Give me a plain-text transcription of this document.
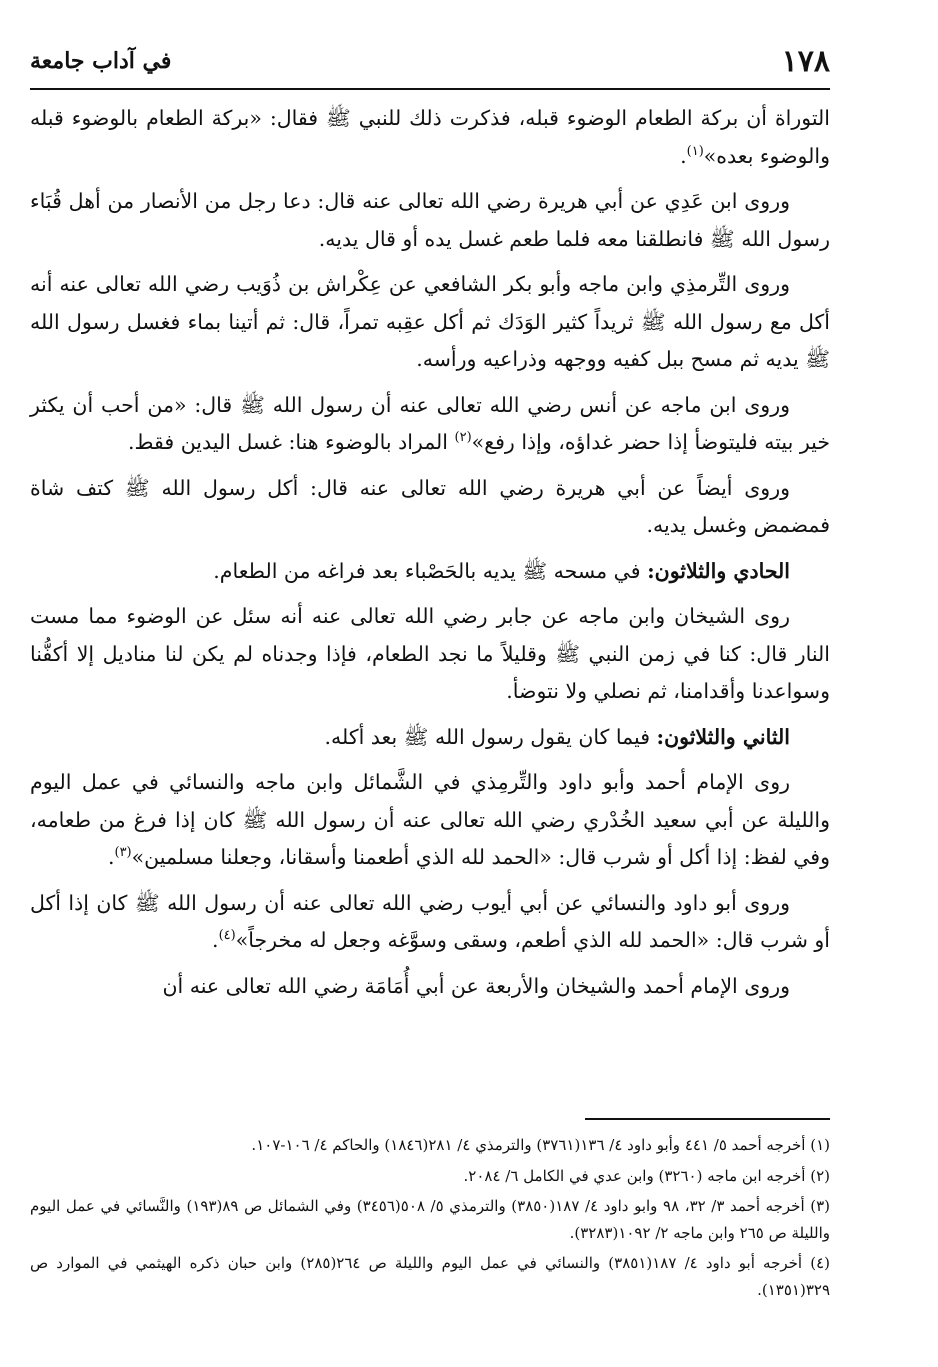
١٧٨
في آداب جامعة

التوراة أن بركة الطعام الوضوء قبله، فذكرت ذلك للنبي ﷺ فقال: «بركة الطعام بالوضوء قبله والوضوء بعده»$^{(١)}$.

وروى ابن عَدِي عن أبي هريرة رضي الله تعالى عنه قال: دعا رجل من الأنصار من أهل قُبَاء رسول الله ﷺ فانطلقنا معه فلما طعم غسل يده أو قال يديه.

وروى التِّرمذِي وابن ماجه وأبو بكر الشافعي عن عِكْراش بن ذُوَيب رضي الله تعالى عنه أنه أكل مع رسول الله ﷺ ثريداً كثير الوَدَك ثم أكل عقِبه تمراً، قال: ثم أتينا بماء فغسل رسول الله ﷺ يديه ثم مسح ببل كفيه ووجهه وذراعيه ورأسه.

وروى ابن ماجه عن أنس رضي الله تعالى عنه أن رسول الله ﷺ قال: «من أحب أن يكثر خير بيته فليتوضأ إذا حضر غداؤه، وإذا رفع»$^{(٢)}$ المراد بالوضوء هنا: غسل اليدين فقط.

وروى أيضاً عن أبي هريرة رضي الله تعالى عنه قال: أكل رسول الله ﷺ كتف شاة فمضمض وغسل يديه.

الحادي والثلاثون: في مسحه ﷺ يديه بالحَصْباء بعد فراغه من الطعام.

روى الشيخان وابن ماجه عن جابر رضي الله تعالى عنه أنه سئل عن الوضوء مما مست النار قال: كنا في زمن النبي ﷺ وقليلاً ما نجد الطعام، فإذا وجدناه لم يكن لنا مناديل إلا أكفُّنا وسواعدنا وأقدامنا، ثم نصلي ولا نتوضأ.

الثاني والثلاثون: فيما كان يقول رسول الله ﷺ بعد أكله.

روى الإمام أحمد وأبو داود والتِّرمِذي في الشَّمائل وابن ماجه والنسائي في عمل اليوم والليلة عن أبي سعيد الخُدْري رضي الله تعالى عنه أن رسول الله ﷺ كان إذا فرغ من طعامه، وفي لفظ: إذا أكل أو شرب قال: «الحمد لله الذي أطعمنا وأسقانا، وجعلنا مسلمين»$^{(٣)}$.

وروى أبو داود والنسائي عن أبي أيوب رضي الله تعالى عنه أن رسول الله ﷺ كان إذا أكل أو شرب قال: «الحمد لله الذي أطعم، وسقى وسوَّغه وجعل له مخرجاً»$^{(٤)}$.

وروى الإمام أحمد والشيخان والأربعة عن أبي أُمَامَة رضي الله تعالى عنه أن

(١) أخرجه أحمد ٥/ ٤٤١ وأبو داود ٤/ ١٣٦(٣٧٦١) والترمذي ٤/ ٢٨١(١٨٤٦) والحاكم ٤/ ١٠٦-١٠٧.

(٢) أخرجه ابن ماجه (٣٢٦٠) وابن عدي في الكامل ٦/ ٢٠٨٤.

(٣) أخرجه أحمد ٣/ ٣٢، ٩٨ وابو داود ٤/ ١٨٧(٣٨٥٠) والترمذي ٥/ ٥٠٨(٣٤٥٦) وفي الشمائل ص ٨٩(١٩٣) والنَّسائي في عمل اليوم والليلة ص ٢٦٥ وابن ماجه ٢/ ١٠٩٢(٣٢٨٣).

(٤) أخرجه أبو داود ٤/ ١٨٧(٣٨٥١) والنسائي في عمل اليوم والليلة ص ٢٦٤(٢٨٥) وابن حبان ذكره الهيثمي في الموارد ص ٣٢٩(١٣٥١).
